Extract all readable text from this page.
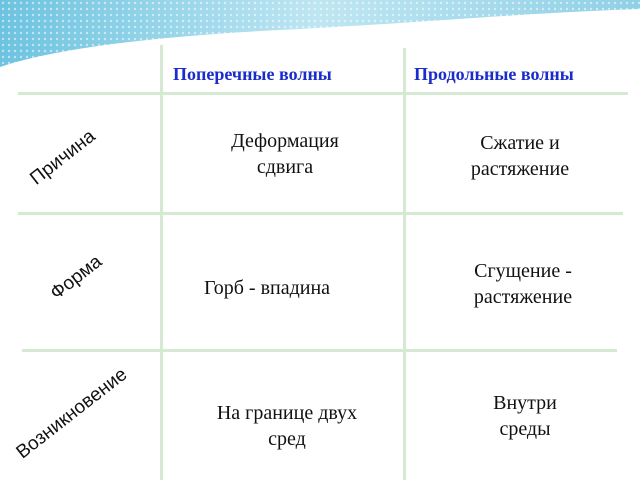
Поперечные волны	Продольные волны
Причина
Форма
Возникновение
Деформация
сдвига
Сжатие и
растяжение
Горб - впадина
Сгущение -
растяжение
На границе двух
сред
Внутри
среды
